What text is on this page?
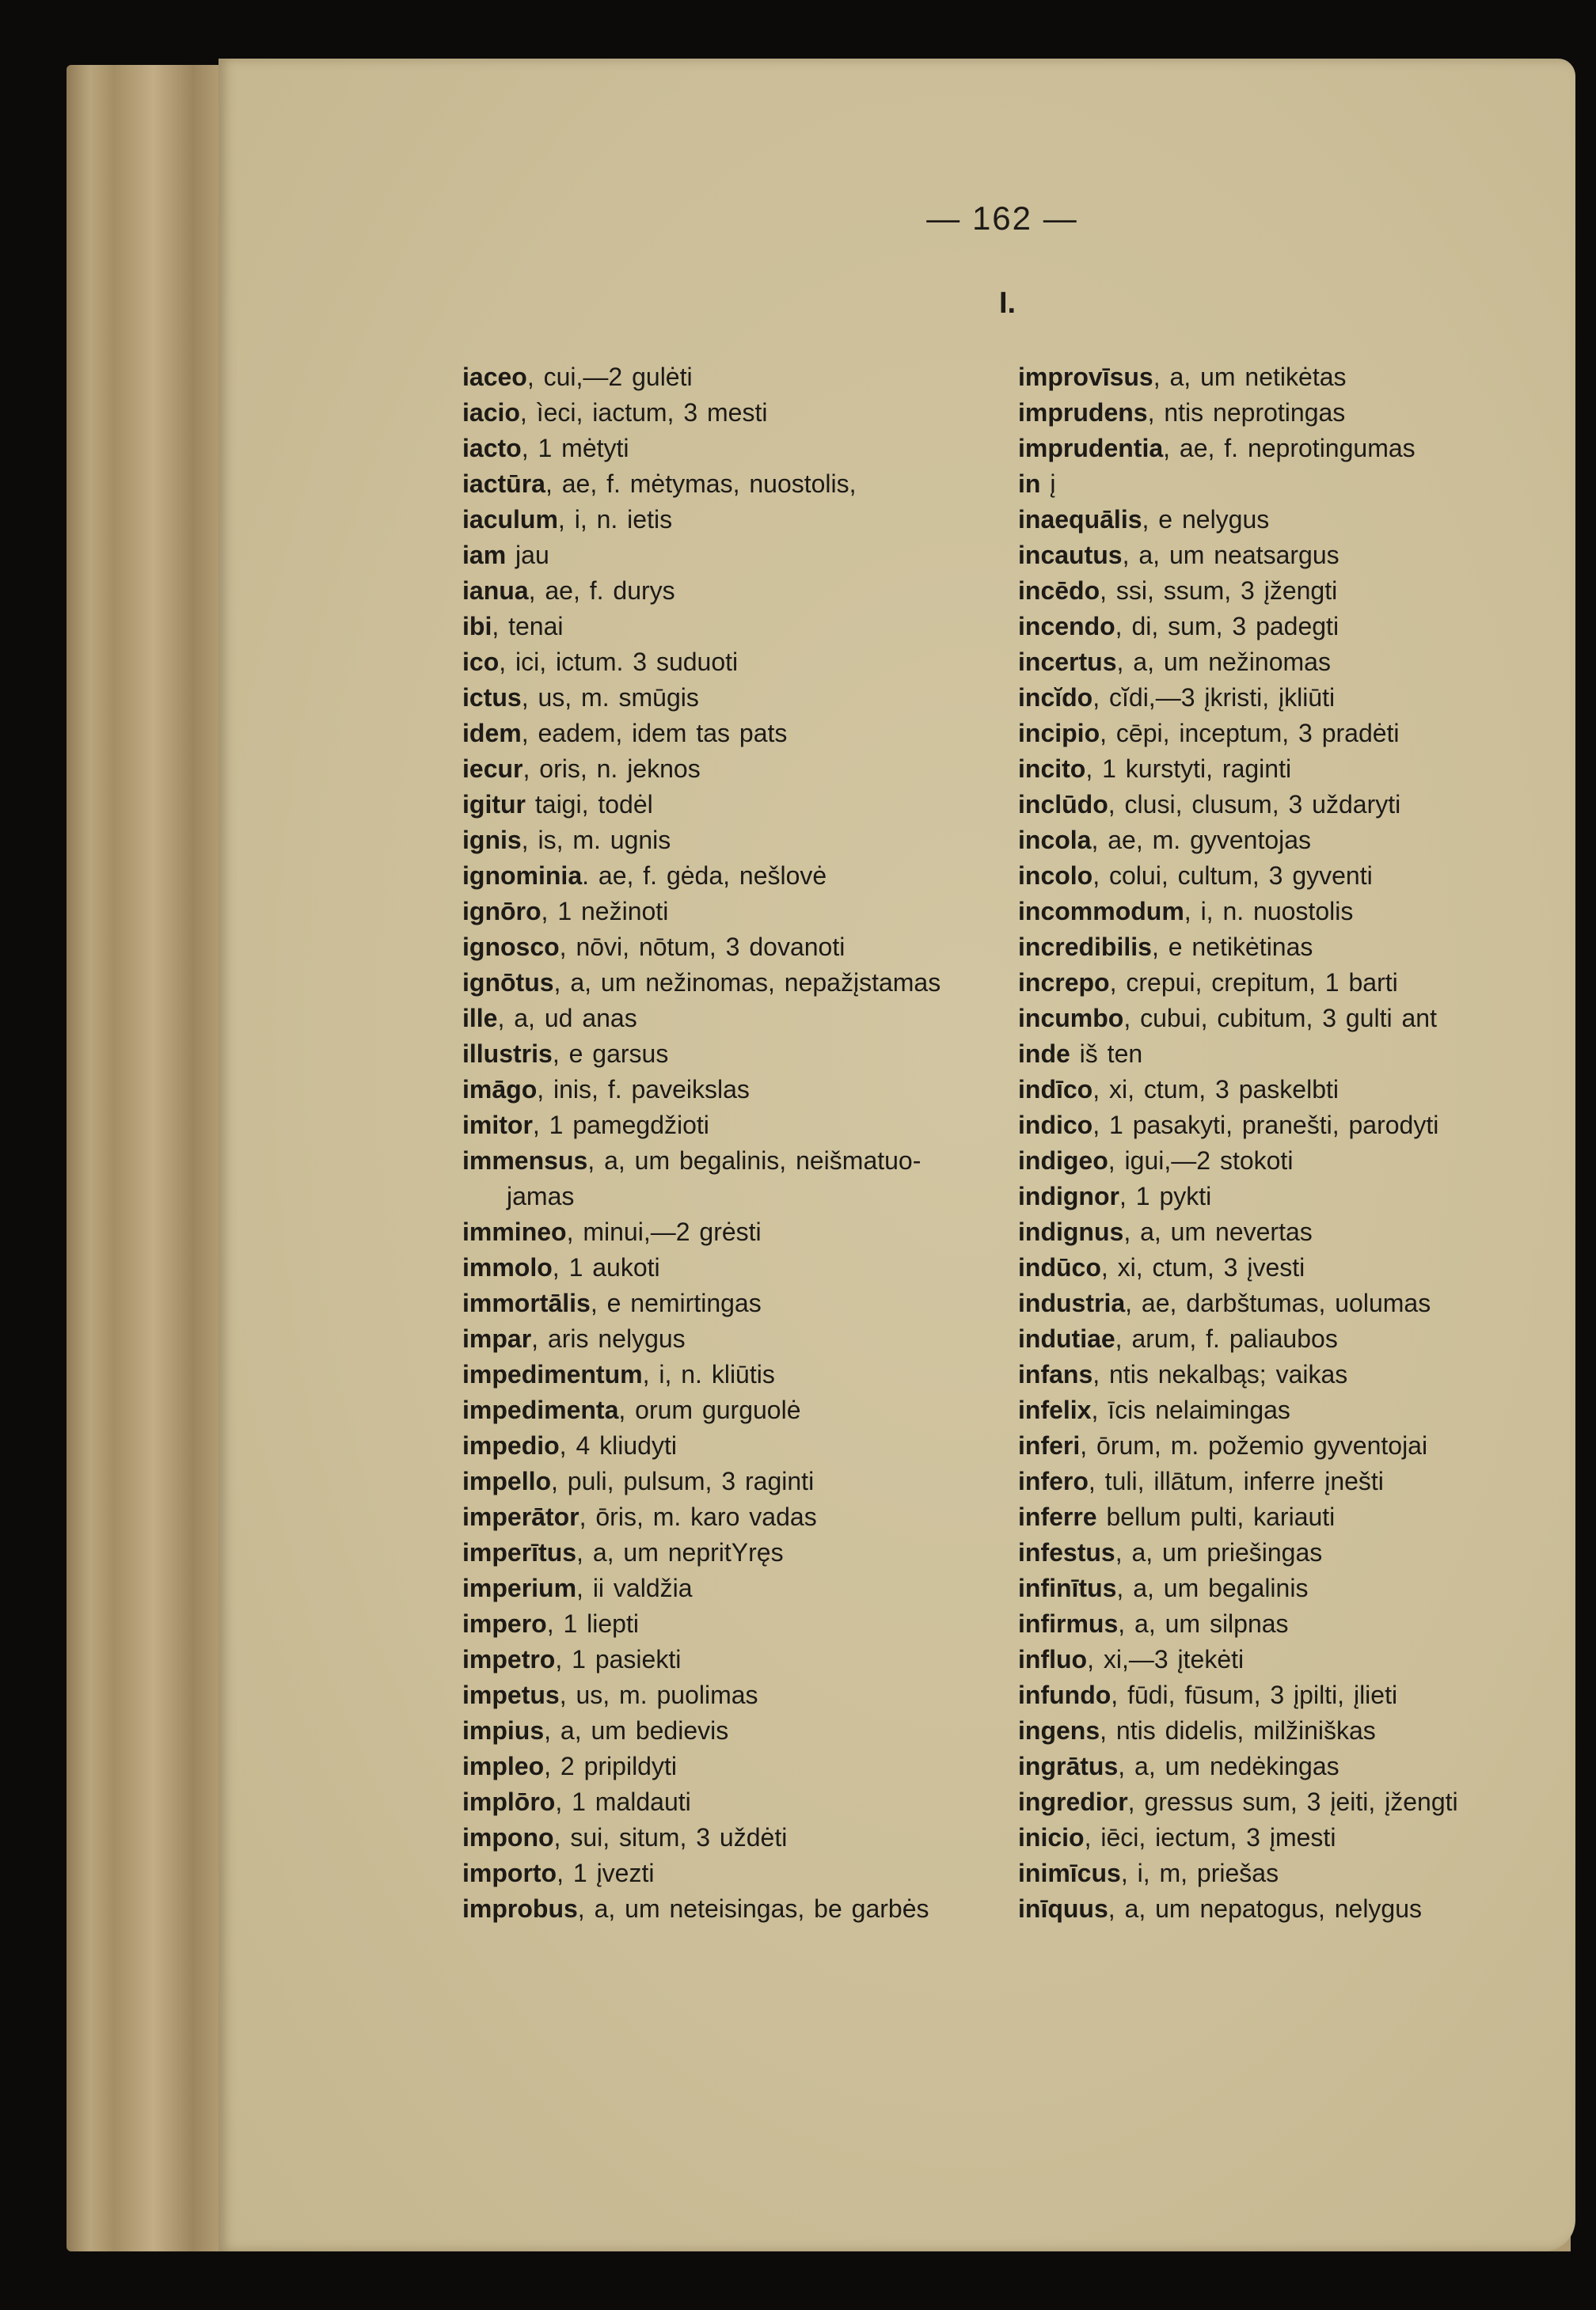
— 162 —
I.
iaceo, cui,—2 gulėti
iacio, ìeci, iactum, 3 mesti
iacto, 1 mėtyti
iactūra, ae, f. mėtymas, nuostolis,
iaculum, i, n. ietis
iam jau
ianua, ae, f. durys
ibi, tenai
ico, ici, ictum. 3 suduoti
ictus, us, m. smūgis
idem, eadem, idem tas pats
iecur, oris, n. jeknos
igitur taigi, todėl
ignis, is, m. ugnis
ignominia. ae, f. gėda, nešlovė
ignōro, 1 nežinoti
ignosco, nōvi, nōtum, 3 dovanoti
ignōtus, a, um nežinomas, nepažįstamas
ille, a, ud anas
illustris, e garsus
imāgo, inis, f. paveikslas
imitor, 1 pamegdžioti
immensus, a, um begalinis, neišmatuo-
jamas
immineo, minui,—2 grėsti
immolo, 1 aukoti
immortālis, e nemirtingas
impar, aris nelygus
impedimentum, i, n. kliūtis
impedimenta, orum gurguolė
impedio, 4 kliudyti
impello, puli, pulsum, 3 raginti
imperātor, ōris, m. karo vadas
imperītus, a, um nepritYręs
imperium, ii valdžia
impero, 1 liepti
impetro, 1 pasiekti
impetus, us, m. puolimas
impius, a, um bedievis
impleo, 2 pripildyti
implōro, 1 maldauti
impono, sui, situm, 3 uždėti
importo, 1 įvezti
improbus, a, um neteisingas, be garbės
improvīsus, a, um netikėtas
imprudens, ntis neprotingas
imprudentia, ae, f. neprotingumas
in į
inaequālis, e nelygus
incautus, a, um neatsargus
incēdo, ssi, ssum, 3 įžengti
incendo, di, sum, 3 padegti
incertus, a, um nežinomas
incĭdo, cĭdi,—3 įkristi, įkliūti
incipio, cēpi, inceptum, 3 pradėti
incito, 1 kurstyti, raginti
inclūdo, clusi, clusum, 3 uždaryti
incola, ae, m. gyventojas
incolo, colui, cultum, 3 gyventi
incommodum, i, n. nuostolis
incredibilis, e netikėtinas
increpo, crepui, crepitum, 1 barti
incumbo, cubui, cubitum, 3 gulti ant
inde iš ten
indīco, xi, ctum, 3 paskelbti
indico, 1 pasakyti, pranešti, parodyti
indigeo, igui,—2 stokoti
indignor, 1 pykti
indignus, a, um nevertas
indūco, xi, ctum, 3 įvesti
industria, ae, darbštumas, uolumas
indutiae, arum, f. paliaubos
infans, ntis nekalbąs; vaikas
infelix, īcis nelaimingas
inferi, ōrum, m. požemio gyventojai
infero, tuli, illātum, inferre įnešti
inferre bellum pulti, kariauti
infestus, a, um priešingas
infinītus, a, um begalinis
infirmus, a, um silpnas
influo, xi,—3 įtekėti
infundo, fūdi, fūsum, 3 įpilti, įlieti
ingens, ntis didelis, milžiniškas
ingrātus, a, um nedėkingas
ingredior, gressus sum, 3 įeiti, įžengti
inicio, iēci, iectum, 3 įmesti
inimīcus, i, m, priešas
inīquus, a, um nepatogus, nelygus
